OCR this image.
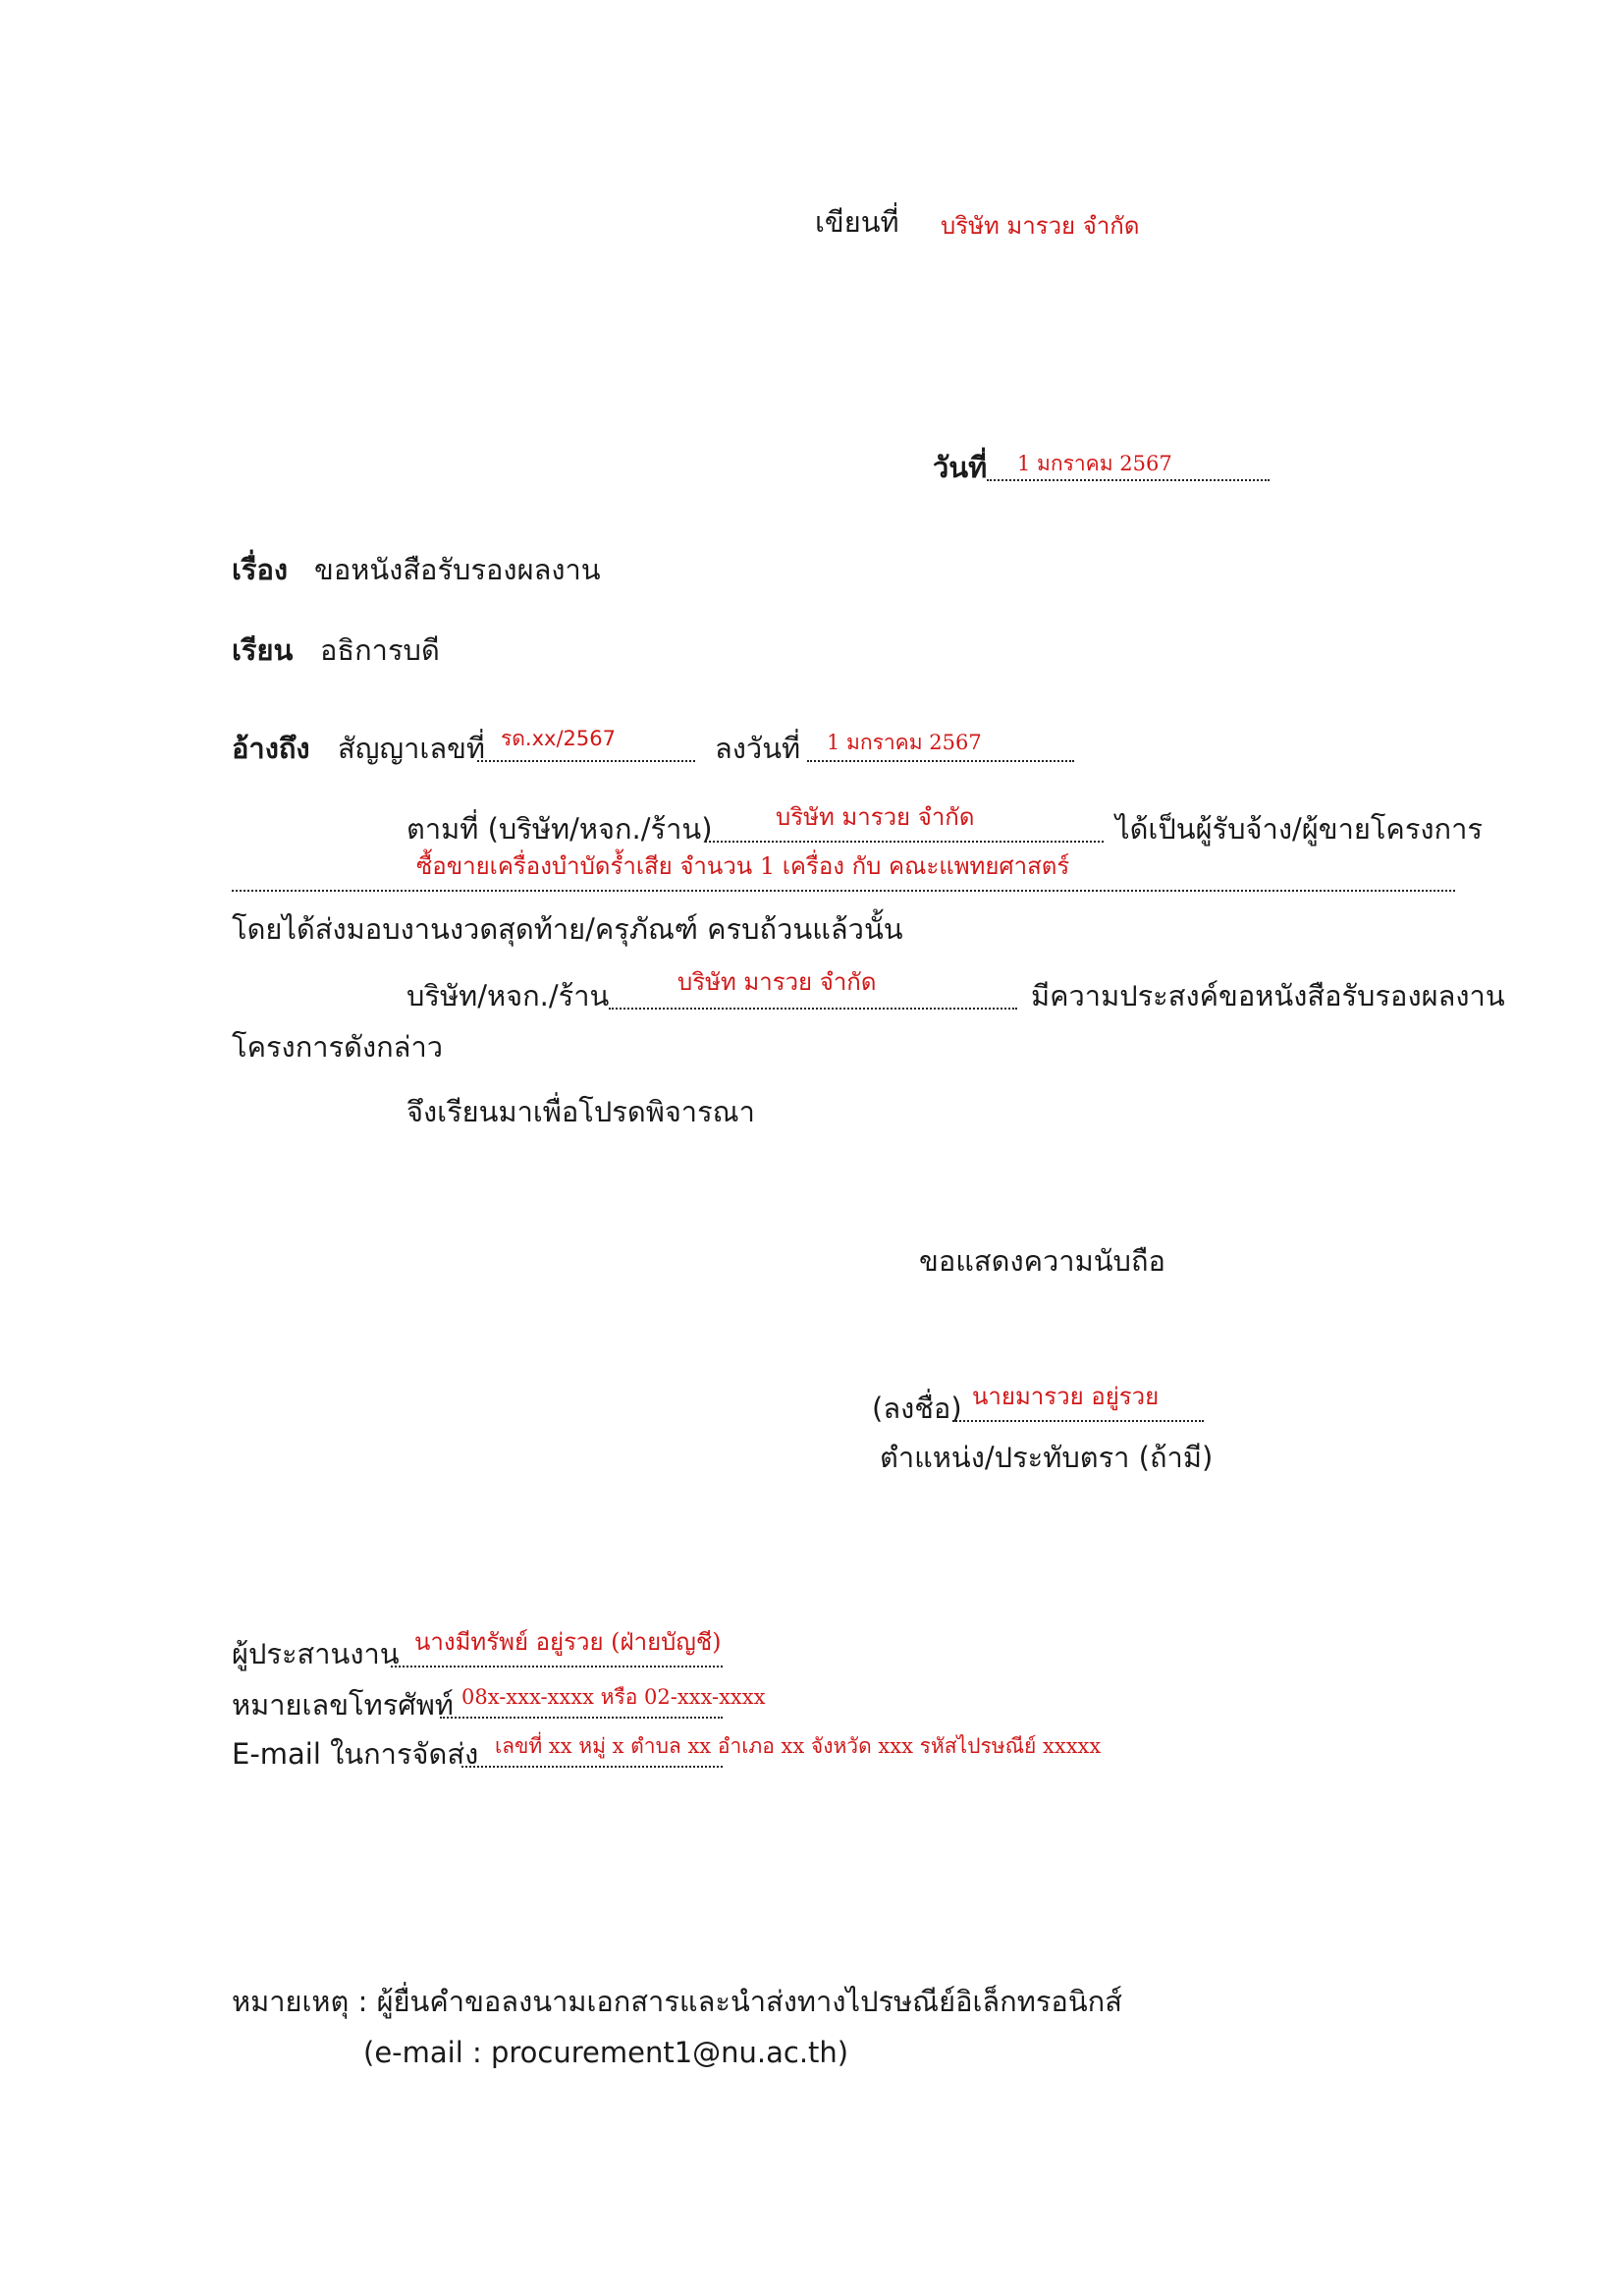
เขียนที่ บริษัท มารวย จำกัด
วันที่ 1 มกราคม 2567
เรื่อง ขอหนังสือรับรองผลงาน
เรียน อธิการบดี
อ้างถึง สัญญาเลขที่ รด.xx/2567	ลงวันที่ 1 มกราคม 2567
ตามที่ (บริษัท/หจก./ร้าน)	บริษัท มารวย จำกัด	ได้เป็นผู้รับจ้าง/ผู้ขายโครงการ
ซื้อขายเครื่องบำบัดร้ำเสีย จำนวน 1 เครื่อง กับ คณะแพทยศาสตร์
โดยได้ส่งมอบงานงวดสุดท้าย/ครุภัณฑ์ ครบถ้วนแล้วนั้น
บริษัท/หจก./ร้าน	บริษัท มารวย จำกัด	มีความประสงค์ขอหนังสือรับรองผลงาน
โครงการดังกล่าว
จึงเรียนมาเพื่อโปรดพิจารณา
ขอแสดงความนับถือ
(ลงชื่อ) นายมารวย อยู่รวย
ตำแหน่ง/ประทับตรา (ถ้ามี)
ผู้ประสานงาน นางมีทรัพย์ อยู่รวย (ฝ่ายบัญชี)
หมายเลขโทรศัพท์ 08x-xxx-xxxx หรือ 02-xxx-xxxx
E-mail ในการจัดส่ง เลขที่ xx หมู่ x ตำบล xx อำเภอ xx จังหวัด xxx รหัสไปรษณีย์ xxxxx
หมายเหตุ : ผู้ยื่นคำขอลงนามเอกสารและนำส่งทางไปรษณีย์อิเล็กทรอนิกส์
(e-mail : procurement1@nu.ac.th)
